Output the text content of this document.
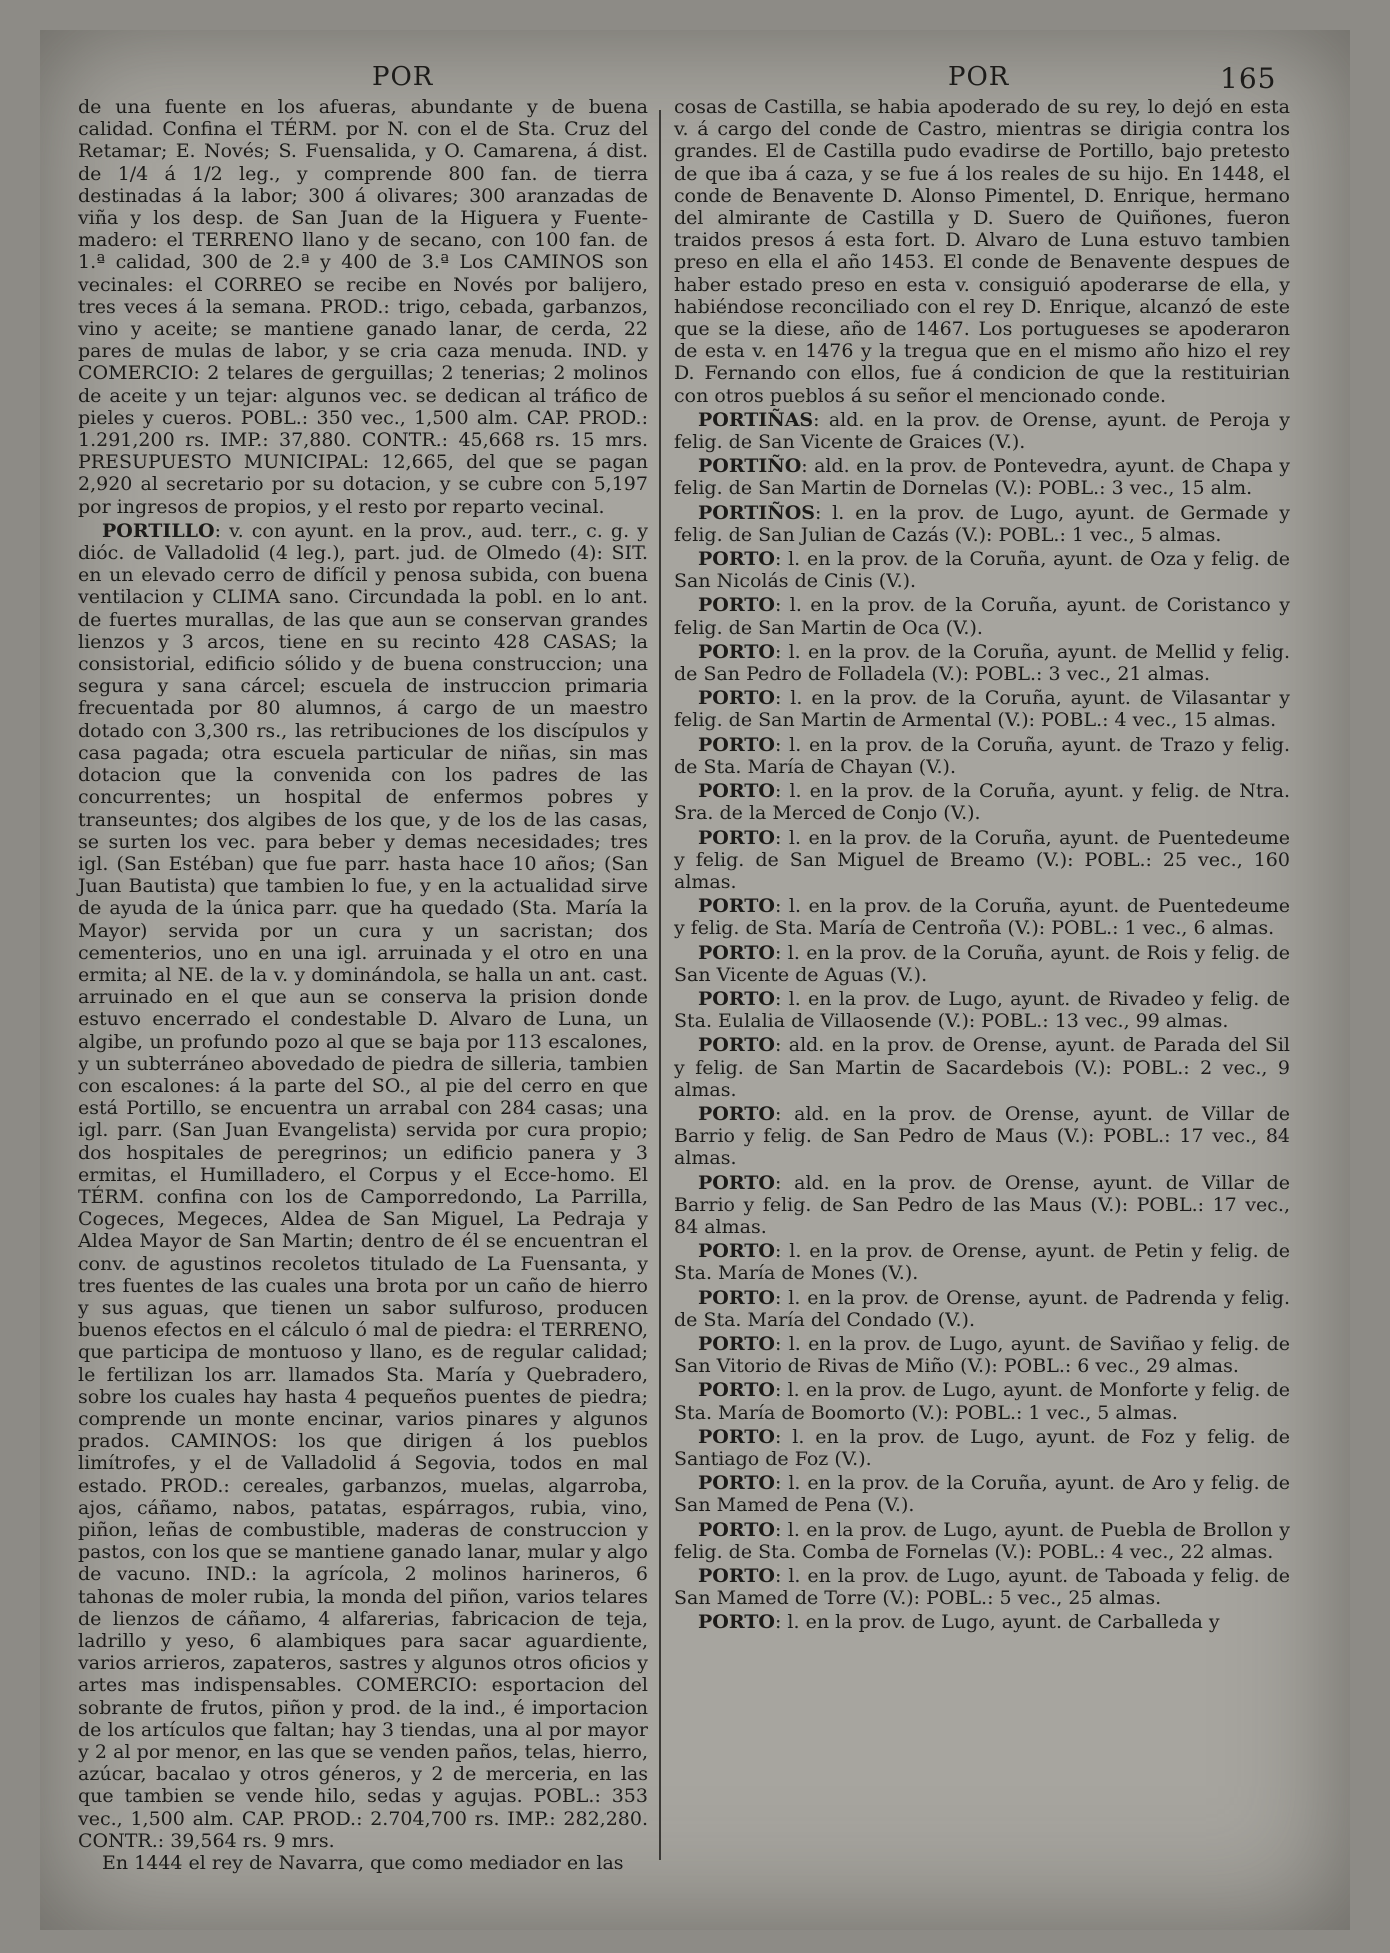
POR	POR	165

de una fuente en los afueras, abundante y de buena calidad. Confina el TÉRM. por N. con el de Sta. Cruz del Retamar; E. Novés; S. Fuensalida, y O. Camarena, á dist. de 1/4 á 1/2 leg., y comprende 800 fan. de tierra destinadas á la labor; 300 á olivares; 300 aranzadas de viña y los desp. de San Juan de la Higuera y Fuente-madero: el TERRENO llano y de secano, con 100 fan. de 1.ª calidad, 300 de 2.ª y 400 de 3.ª Los CAMINOS son vecinales: el CORREO se recibe en Novés por balijero, tres veces á la semana. PROD.: trigo, cebada, garbanzos, vino y aceite; se mantiene ganado lanar, de cerda, 22 pares de mulas de labor, y se cria caza menuda. IND. y COMERCIO: 2 telares de gerguillas; 2 tenerias; 2 molinos de aceite y un tejar: algunos vec. se dedican al tráfico de pieles y cueros. POBL.: 350 vec., 1,500 alm. CAP. PROD.: 1.291,200 rs. IMP.: 37,880. CONTR.: 45,668 rs. 15 mrs. PRESUPUESTO MUNICIPAL: 12,665, del que se pagan 2,920 al secretario por su dotacion, y se cubre con 5,197 por ingresos de propios, y el resto por reparto vecinal.

PORTILLO: v. con ayunt. en la prov., aud. terr., c. g. y dióc. de Valladolid (4 leg.), part. jud. de Olmedo (4): SIT. en un elevado cerro de difícil y penosa subida, con buena ventilacion y CLIMA sano. Circundada la pobl. en lo ant. de fuertes murallas, de las que aun se conservan grandes lienzos y 3 arcos, tiene en su recinto 428 CASAS; la consistorial, edificio sólido y de buena construccion; una segura y sana cárcel; escuela de instruccion primaria frecuentada por 80 alumnos, á cargo de un maestro dotado con 3,300 rs., las retribuciones de los discípulos y casa pagada; otra escuela particular de niñas, sin mas dotacion que la convenida con los padres de las concurrentes; un hospital de enfermos pobres y transeuntes; dos algibes de los que, y de los de las casas, se surten los vec. para beber y demas necesidades; tres igl. (San Estéban) que fue parr. hasta hace 10 años; (San Juan Bautista) que tambien lo fue, y en la actualidad sirve de ayuda de la única parr. que ha quedado (Sta. María la Mayor) servida por un cura y un sacristan; dos cementerios, uno en una igl. arruinada y el otro en una ermita; al NE. de la v. y dominándola, se halla un ant. cast. arruinado en el que aun se conserva la prision donde estuvo encerrado el condestable D. Alvaro de Luna, un algibe, un profundo pozo al que se baja por 113 escalones, y un subterráneo abovedado de piedra de silleria, tambien con escalones: á la parte del SO., al pie del cerro en que está Portillo, se encuentra un arrabal con 284 casas; una igl. parr. (San Juan Evangelista) servida por cura propio; dos hospitales de peregrinos; un edificio panera y 3 ermitas, el Humilladero, el Corpus y el Ecce-homo. El TÉRM. confina con los de Camporredondo, La Parrilla, Cogeces, Megeces, Aldea de San Miguel, La Pedraja y Aldea Mayor de San Martin; dentro de él se encuentran el conv. de agustinos recoletos titulado de La Fuensanta, y tres fuentes de las cuales una brota por un caño de hierro y sus aguas, que tienen un sabor sulfuroso, producen buenos efectos en el cálculo ó mal de piedra: el TERRENO, que participa de montuoso y llano, es de regular calidad; le fertilizan los arr. llamados Sta. María y Quebradero, sobre los cuales hay hasta 4 pequeños puentes de piedra; comprende un monte encinar, varios pinares y algunos prados. CAMINOS: los que dirigen á los pueblos limítrofes, y el de Valladolid á Segovia, todos en mal estado. PROD.: cereales, garbanzos, muelas, algarroba, ajos, cáñamo, nabos, patatas, espárragos, rubia, vino, piñon, leñas de combustible, maderas de construccion y pastos, con los que se mantiene ganado lanar, mular y algo de vacuno. IND.: la agrícola, 2 molinos harineros, 6 tahonas de moler rubia, la monda del piñon, varios telares de lienzos de cáñamo, 4 alfarerias, fabricacion de teja, ladrillo y yeso, 6 alambiques para sacar aguardiente, varios arrieros, zapateros, sastres y algunos otros oficios y artes mas indispensables. COMERCIO: esportacion del sobrante de frutos, piñon y prod. de la ind., é importacion de los artículos que faltan; hay 3 tiendas, una al por mayor y 2 al por menor, en las que se venden paños, telas, hierro, azúcar, bacalao y otros géneros, y 2 de merceria, en las que tambien se vende hilo, sedas y agujas. POBL.: 353 vec., 1,500 alm. CAP. PROD.: 2.704,700 rs. IMP.: 282,280. CONTR.: 39,564 rs. 9 mrs.

En 1444 el rey de Navarra, que como mediador en las

cosas de Castilla, se habia apoderado de su rey, lo dejó en esta v. á cargo del conde de Castro, mientras se dirigia contra los grandes. El de Castilla pudo evadirse de Portillo, bajo pretesto de que iba á caza, y se fue á los reales de su hijo. En 1448, el conde de Benavente D. Alonso Pimentel, D. Enrique, hermano del almirante de Castilla y D. Suero de Quiñones, fueron traidos presos á esta fort. D. Alvaro de Luna estuvo tambien preso en ella el año 1453. El conde de Benavente despues de haber estado preso en esta v. consiguió apoderarse de ella, y habiéndose reconciliado con el rey D. Enrique, alcanzó de este que se la diese, año de 1467. Los portugueses se apoderaron de esta v. en 1476 y la tregua que en el mismo año hizo el rey D. Fernando con ellos, fue á condicion de que la restituirian con otros pueblos á su señor el mencionado conde.

PORTIÑAS: ald. en la prov. de Orense, ayunt. de Peroja y felig. de San Vicente de Graices (V.).

PORTIÑO: ald. en la prov. de Pontevedra, ayunt. de Chapa y felig. de San Martin de Dornelas (V.): POBL.: 3 vec., 15 alm.

PORTIÑOS: l. en la prov. de Lugo, ayunt. de Germade y felig. de San Julian de Cazás (V.): POBL.: 1 vec., 5 almas.

PORTO: l. en la prov. de la Coruña, ayunt. de Oza y felig. de San Nicolás de Cinis (V.).

PORTO: l. en la prov. de la Coruña, ayunt. de Coristanco y felig. de San Martin de Oca (V.).

PORTO: l. en la prov. de la Coruña, ayunt. de Mellid y felig. de San Pedro de Folladela (V.): POBL.: 3 vec., 21 almas.

PORTO: l. en la prov. de la Coruña, ayunt. de Vilasantar y felig. de San Martin de Armental (V.): POBL.: 4 vec., 15 almas.

PORTO: l. en la prov. de la Coruña, ayunt. de Trazo y felig. de Sta. María de Chayan (V.).

PORTO: l. en la prov. de la Coruña, ayunt. y felig. de Ntra. Sra. de la Merced de Conjo (V.).

PORTO: l. en la prov. de la Coruña, ayunt. de Puentedeume y felig. de San Miguel de Breamo (V.): POBL.: 25 vec., 160 almas.

PORTO: l. en la prov. de la Coruña, ayunt. de Puentedeume y felig. de Sta. María de Centroña (V.): POBL.: 1 vec., 6 almas.

PORTO: l. en la prov. de la Coruña, ayunt. de Rois y felig. de San Vicente de Aguas (V.).

PORTO: l. en la prov. de Lugo, ayunt. de Rivadeo y felig. de Sta. Eulalia de Villaosende (V.): POBL.: 13 vec., 99 almas.

PORTO: ald. en la prov. de Orense, ayunt. de Parada del Sil y felig. de San Martin de Sacardebois (V.): POBL.: 2 vec., 9 almas.

PORTO: ald. en la prov. de Orense, ayunt. de Villar de Barrio y felig. de San Pedro de Maus (V.): POBL.: 17 vec., 84 almas.

PORTO: ald. en la prov. de Orense, ayunt. de Villar de Barrio y felig. de San Pedro de las Maus (V.): POBL.: 17 vec., 84 almas.

PORTO: l. en la prov. de Orense, ayunt. de Petin y felig. de Sta. María de Mones (V.).

PORTO: l. en la prov. de Orense, ayunt. de Padrenda y felig. de Sta. María del Condado (V.).

PORTO: l. en la prov. de Lugo, ayunt. de Saviñao y felig. de San Vitorio de Rivas de Miño (V.): POBL.: 6 vec., 29 almas.

PORTO: l. en la prov. de Lugo, ayunt. de Monforte y felig. de Sta. María de Boomorto (V.): POBL.: 1 vec., 5 almas.

PORTO: l. en la prov. de Lugo, ayunt. de Foz y felig. de Santiago de Foz (V.).

PORTO: l. en la prov. de la Coruña, ayunt. de Aro y felig. de San Mamed de Pena (V.).

PORTO: l. en la prov. de Lugo, ayunt. de Puebla de Brollon y felig. de Sta. Comba de Fornelas (V.): POBL.: 4 vec., 22 almas.

PORTO: l. en la prov. de Lugo, ayunt. de Taboada y felig. de San Mamed de Torre (V.): POBL.: 5 vec., 25 almas.

PORTO: l. en la prov. de Lugo, ayunt. de Carballeda y
